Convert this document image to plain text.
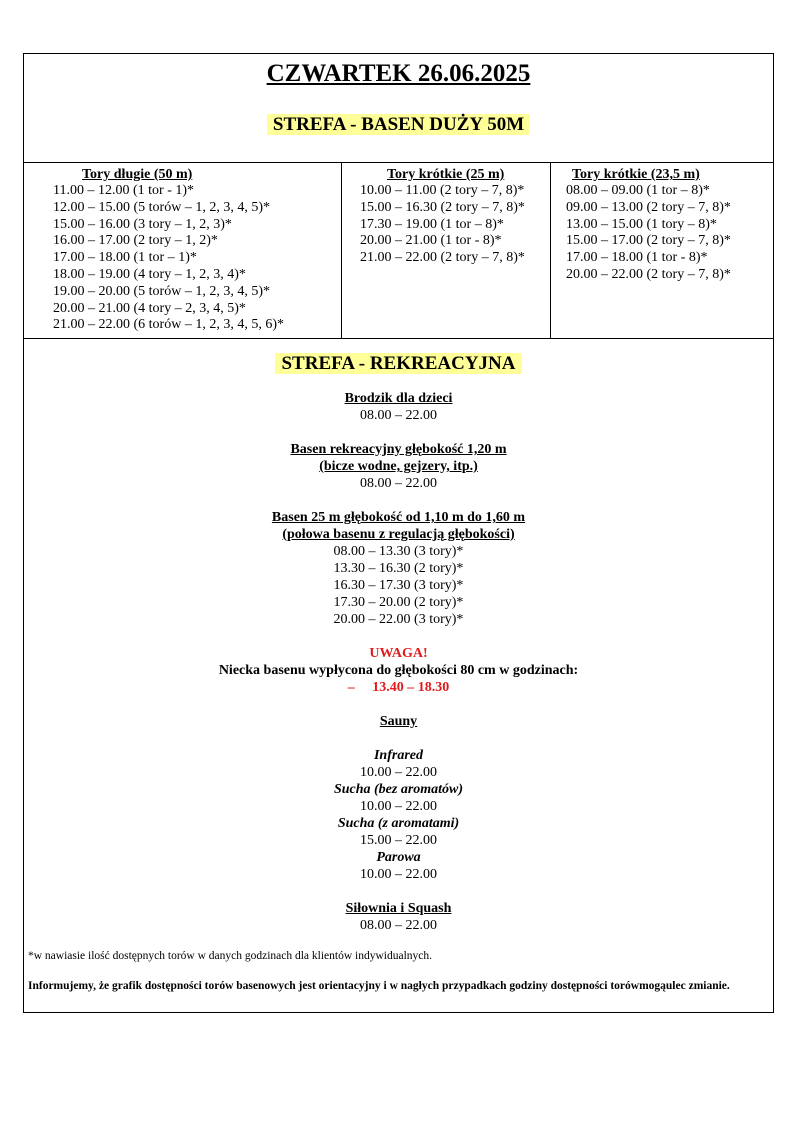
CZWARTEK 26.06.2025
STREFA - BASEN DUŻY 50M
Tory długie (50 m)
11.00 – 12.00 (1 tor - 1)*
12.00 – 15.00 (5 torów – 1, 2, 3, 4, 5)*
15.00 – 16.00 (3 tory – 1, 2, 3)*
16.00 – 17.00 (2 tory – 1, 2)*
17.00 – 18.00 (1 tor – 1)*
18.00 – 19.00 (4 tory – 1, 2, 3, 4)*
19.00 – 20.00 (5 torów – 1, 2, 3, 4, 5)*
20.00 – 21.00 (4 tory – 2, 3, 4, 5)*
21.00 – 22.00 (6 torów – 1, 2, 3, 4, 5, 6)*
Tory krótkie (25 m)
10.00 – 11.00 (2 tory – 7, 8)*
15.00 – 16.30 (2 tory – 7, 8)*
17.30 – 19.00 (1 tor – 8)*
20.00 – 21.00 (1 tor - 8)*
21.00 – 22.00 (2 tory – 7, 8)*
Tory krótkie (23,5 m)
08.00 – 09.00 (1 tor – 8)*
09.00 – 13.00 (2 tory – 7, 8)*
13.00 – 15.00 (1 tory – 8)*
15.00 – 17.00 (2 tory – 7, 8)*
17.00 – 18.00 (1 tor - 8)*
20.00 – 22.00 (2 tory – 7, 8)*
STREFA - REKREACYJNA
Brodzik dla dzieci
08.00 – 22.00
Basen rekreacyjny głębokość 1,20 m
(bicze wodne, gejzery, itp.)
08.00 – 22.00
Basen 25 m głębokość od 1,10 m do 1,60 m
(połowa basenu z regulacją głębokości)
08.00 – 13.30 (3 tory)*
13.30 – 16.30 (2 tory)*
16.30 – 17.30 (3 tory)*
17.30 – 20.00 (2 tory)*
20.00 – 22.00 (3 tory)*
UWAGA!
Niecka basenu wypłycona do głębokości 80 cm w godzinach:
– 13.40 – 18.30
Sauny
Infrared
10.00 – 22.00
Sucha (bez aromatów)
10.00 – 22.00
Sucha (z aromatami)
15.00 – 22.00
Parowa
10.00 – 22.00
Siłownia i Squash
08.00 – 22.00

*w nawiasie ilość dostępnych torów w danych godzinach dla klientów indywidualnych.

Informujemy, że grafik dostępności torów basenowych jest orientacyjny i w nagłych przypadkach godziny dostępności torówmogąulec zmianie.
